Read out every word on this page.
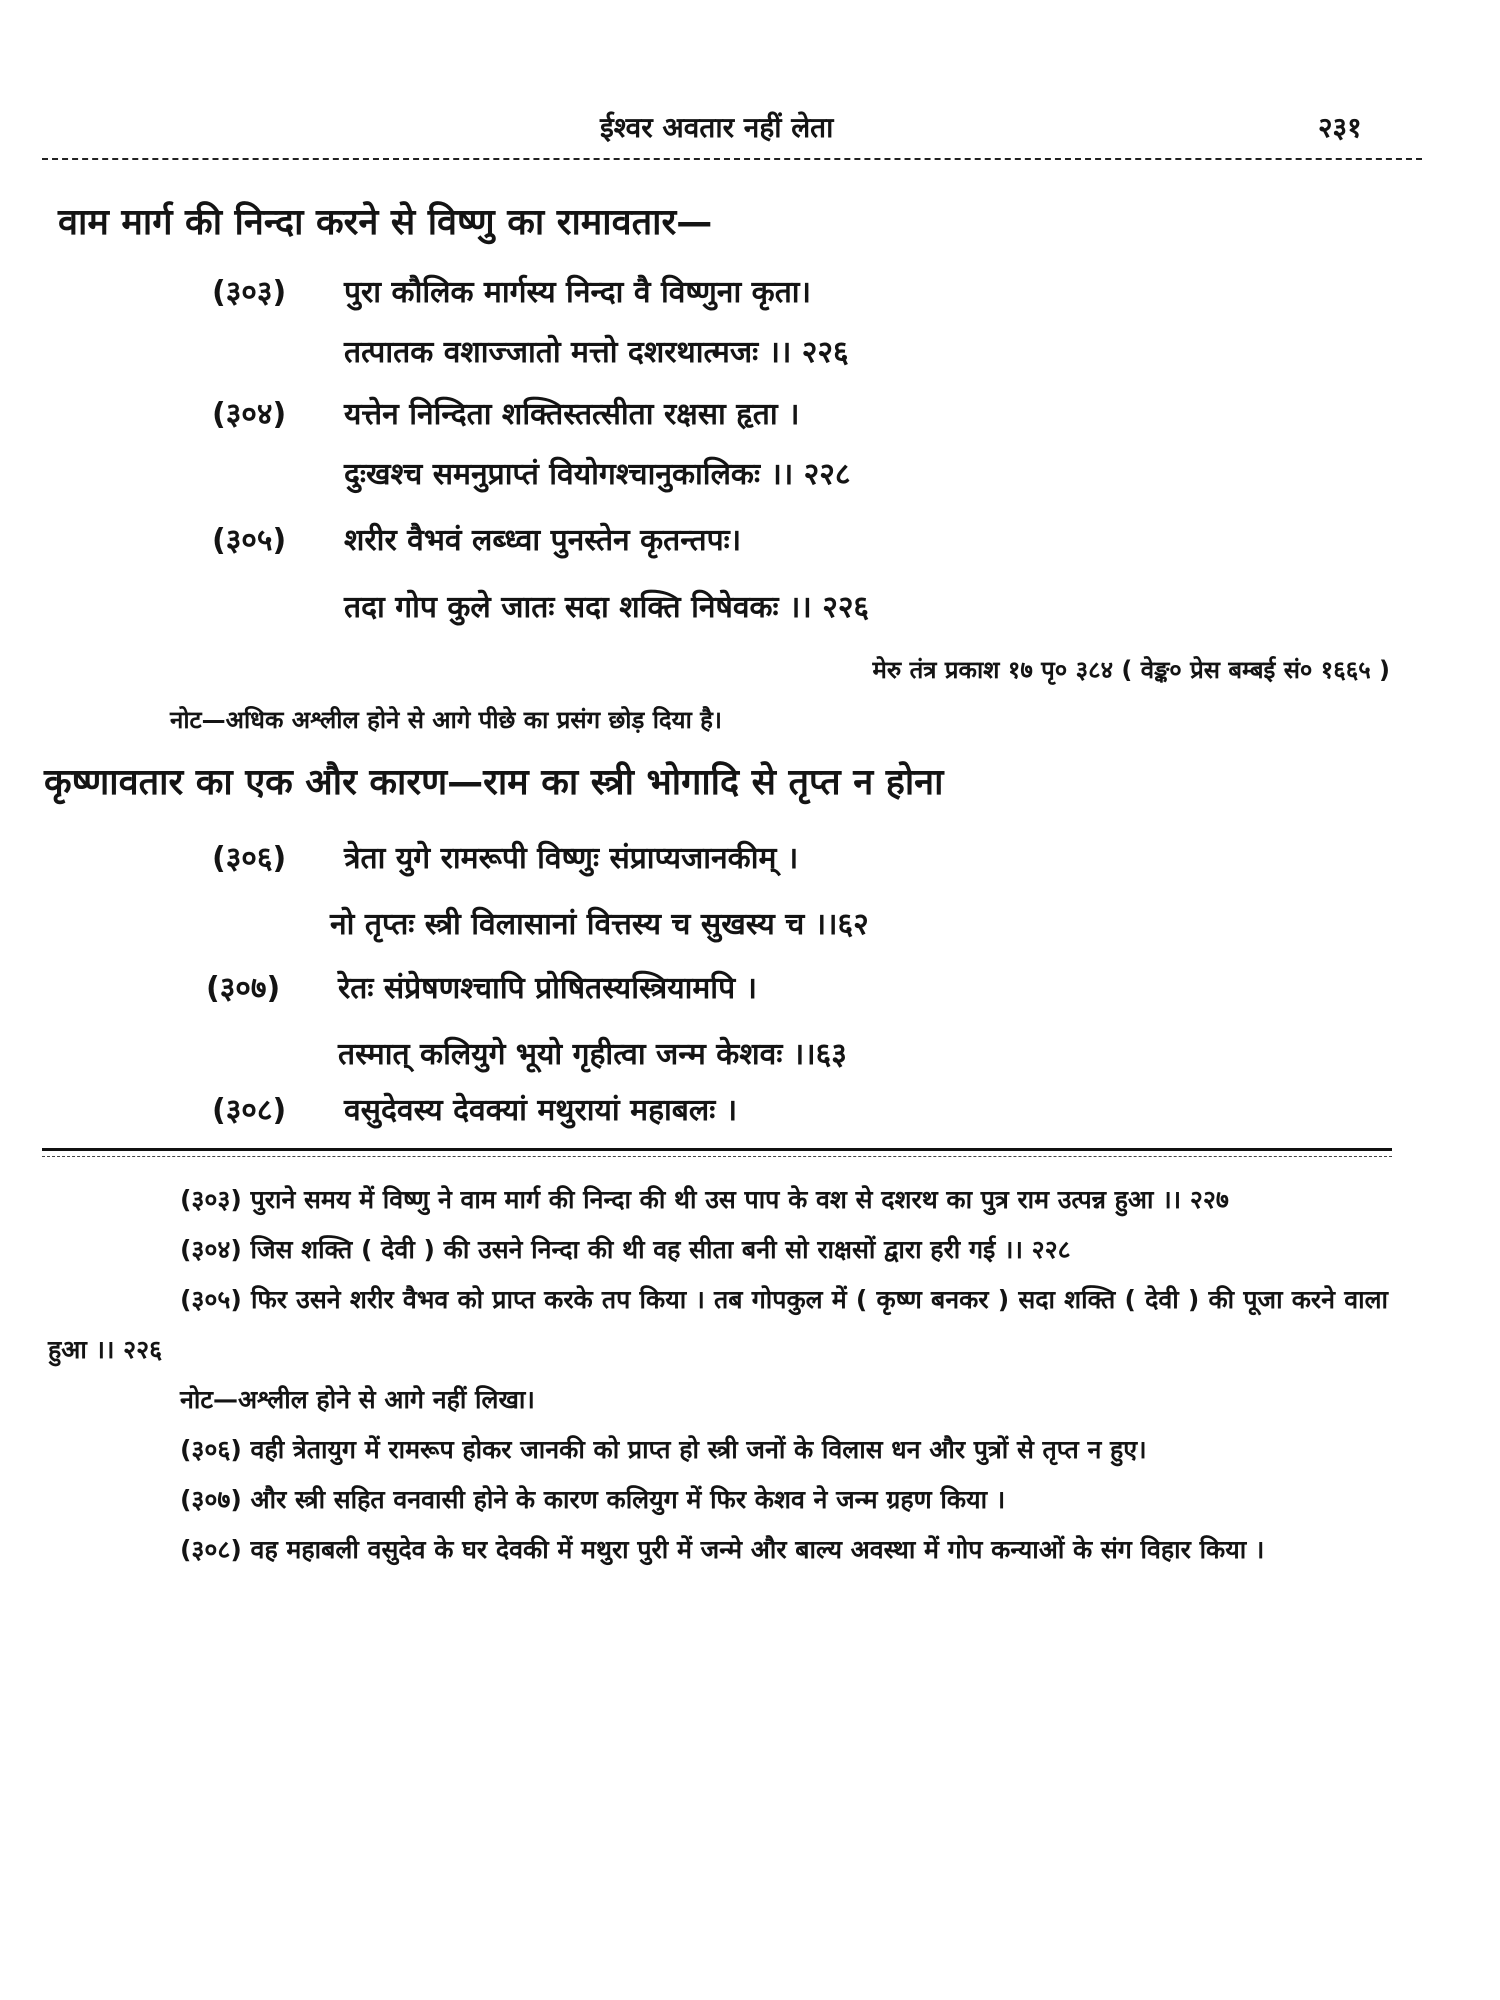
ईश्वर अवतार नहीं लेता	२३१
वाम मार्ग की निन्दा करने से विष्णु का रामावतार—
(३०३) पुरा कौलिक मार्गस्य निन्दा वै विष्णुना कृता।
तत्पातक वशाज्जातो मत्तो दशरथात्मजः ।। २२६
(३०४) यत्तेन निन्दिता शक्तिस्तत्सीता रक्षसा हृता ।
दुःखश्च समनुप्राप्तं वियोगश्चानुकालिकः ।। २२८
(३०५) शरीर वैभवं लब्ध्वा पुनस्तेन कृतन्तपः।
तदा गोप कुले जातः सदा शक्ति निषेवकः ।। २२६
मेरु तंत्र प्रकाश १७ पृ० ३८४ ( वेङ्क० प्रेस बम्बई सं० १६६५ )
नोट—अधिक अश्लील होने से आगे पीछे का प्रसंग छोड़ दिया है।
कृष्णावतार का एक और कारण—राम का स्त्री भोगादि से तृप्त न होना
(३०६) त्रेता युगे रामरूपी विष्णुः संप्राप्यजानकीम् ।
नो तृप्तः स्त्री विलासानां वित्तस्य च सुखस्य च ।।६२
(३०७) रेतः संप्रेषणश्चापि प्रोषितस्यस्त्रियामपि ।
तस्मात् कलियुगे भूयो गृहीत्वा जन्म केशवः ।।६३
(३०८) वसुदेवस्य देवक्यां मथुरायां महाबलः ।

(३०३) पुराने समय में विष्णु ने वाम मार्ग की निन्दा की थी उस पाप के वश से दशरथ का पुत्र राम उत्पन्न हुआ ।। २२७

(३०४) जिस शक्ति ( देवी ) की उसने निन्दा की थी वह सीता बनी सो राक्षसों द्वारा हरी गई ।। २२८

(३०५) फिर उसने शरीर वैभव को प्राप्त करके तप किया । तब गोपकुल में ( कृष्ण बनकर ) सदा शक्ति ( देवी ) की पूजा करने वाला हुआ ।। २२६

नोट—अश्लील होने से आगे नहीं लिखा।

(३०६) वही त्रेतायुग में रामरूप होकर जानकी को प्राप्त हो स्त्री जनों के विलास धन और पुत्रों से तृप्त न हुए।

(३०७) और स्त्री सहित वनवासी होने के कारण कलियुग में फिर केशव ने जन्म ग्रहण किया ।

(३०८) वह महाबली वसुदेव के घर देवकी में मथुरा पुरी में जन्मे और बाल्य अवस्था में गोप कन्याओं के संग विहार किया ।
